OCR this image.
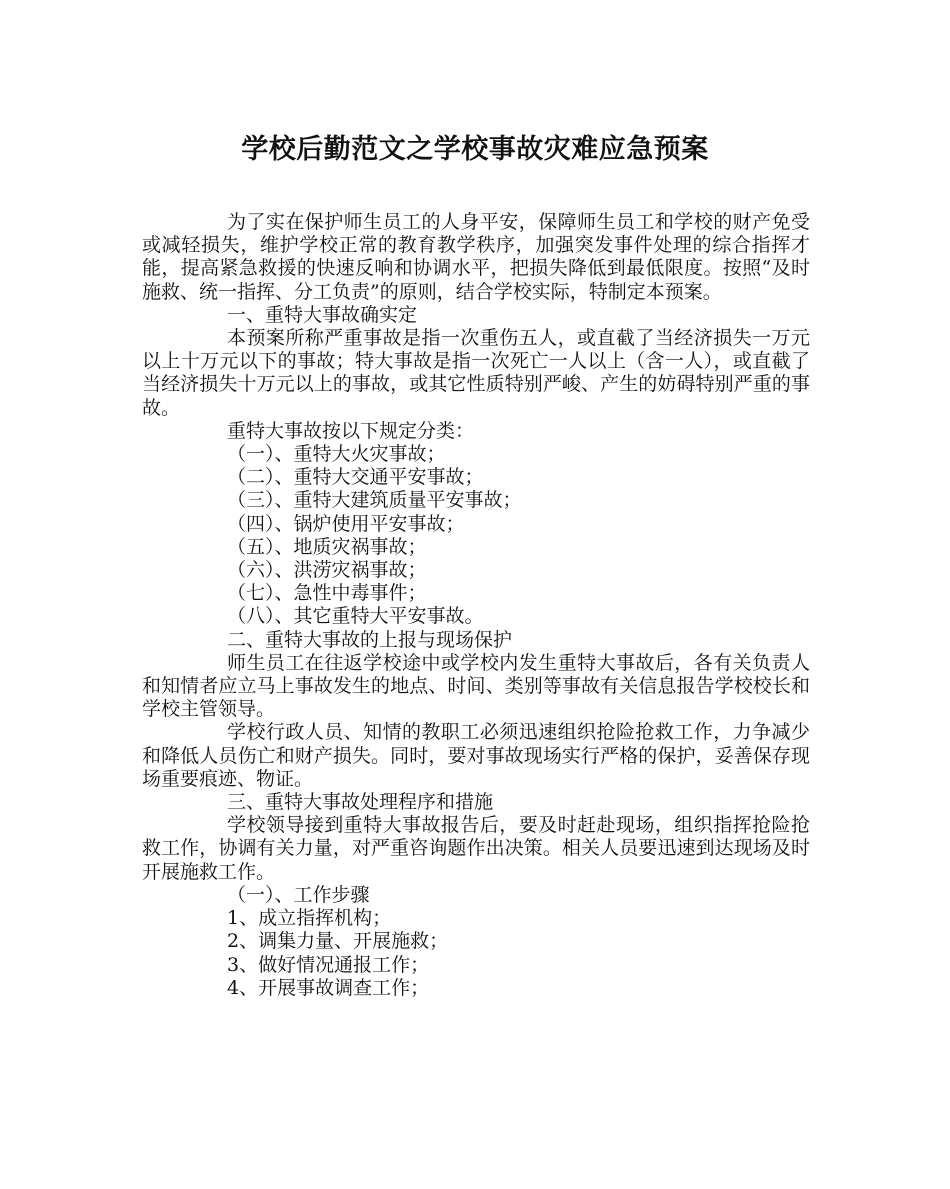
学校后勤范文之学校事故灾难应急预案

为了实在保护师生员工的人身平安，保障师生员工和学校的财产免受或减轻损失，维护学校正常的教育教学秩序，加强突发事件处理的综合指挥才能，提高紧急救援的快速反响和协调水平，把损失降低到最低限度。按照“及时施救、统一指挥、分工负责”的原则，结合学校实际，特制定本预案。

一、重特大事故确实定

本预案所称严重事故是指一次重伤五人，或直截了当经济损失一万元以上十万元以下的事故；特大事故是指一次死亡一人以上（含一人），或直截了当经济损失十万元以上的事故，或其它性质特别严峻、产生的妨碍特别严重的事故。

重特大事故按以下规定分类：

（一）、重特大火灾事故；

（二）、重特大交通平安事故；

（三）、重特大建筑质量平安事故；

（四）、锅炉使用平安事故；

（五）、地质灾祸事故；

（六）、洪涝灾祸事故；

（七）、急性中毒事件；

（八）、其它重特大平安事故。

二、重特大事故的上报与现场保护

师生员工在往返学校途中或学校内发生重特大事故后，各有关负责人和知情者应立马上事故发生的地点、时间、类别等事故有关信息报告学校校长和学校主管领导。

学校行政人员、知情的教职工必须迅速组织抢险抢救工作，力争减少和降低人员伤亡和财产损失。同时，要对事故现场实行严格的保护，妥善保存现场重要痕迹、物证。

三、重特大事故处理程序和措施

学校领导接到重特大事故报告后，要及时赶赴现场，组织指挥抢险抢救工作，协调有关力量，对严重咨询题作出决策。相关人员要迅速到达现场及时开展施救工作。

（一）、工作步骤

1、成立指挥机构；

2、调集力量、开展施救；

3、做好情况通报工作；

4、开展事故调查工作；
